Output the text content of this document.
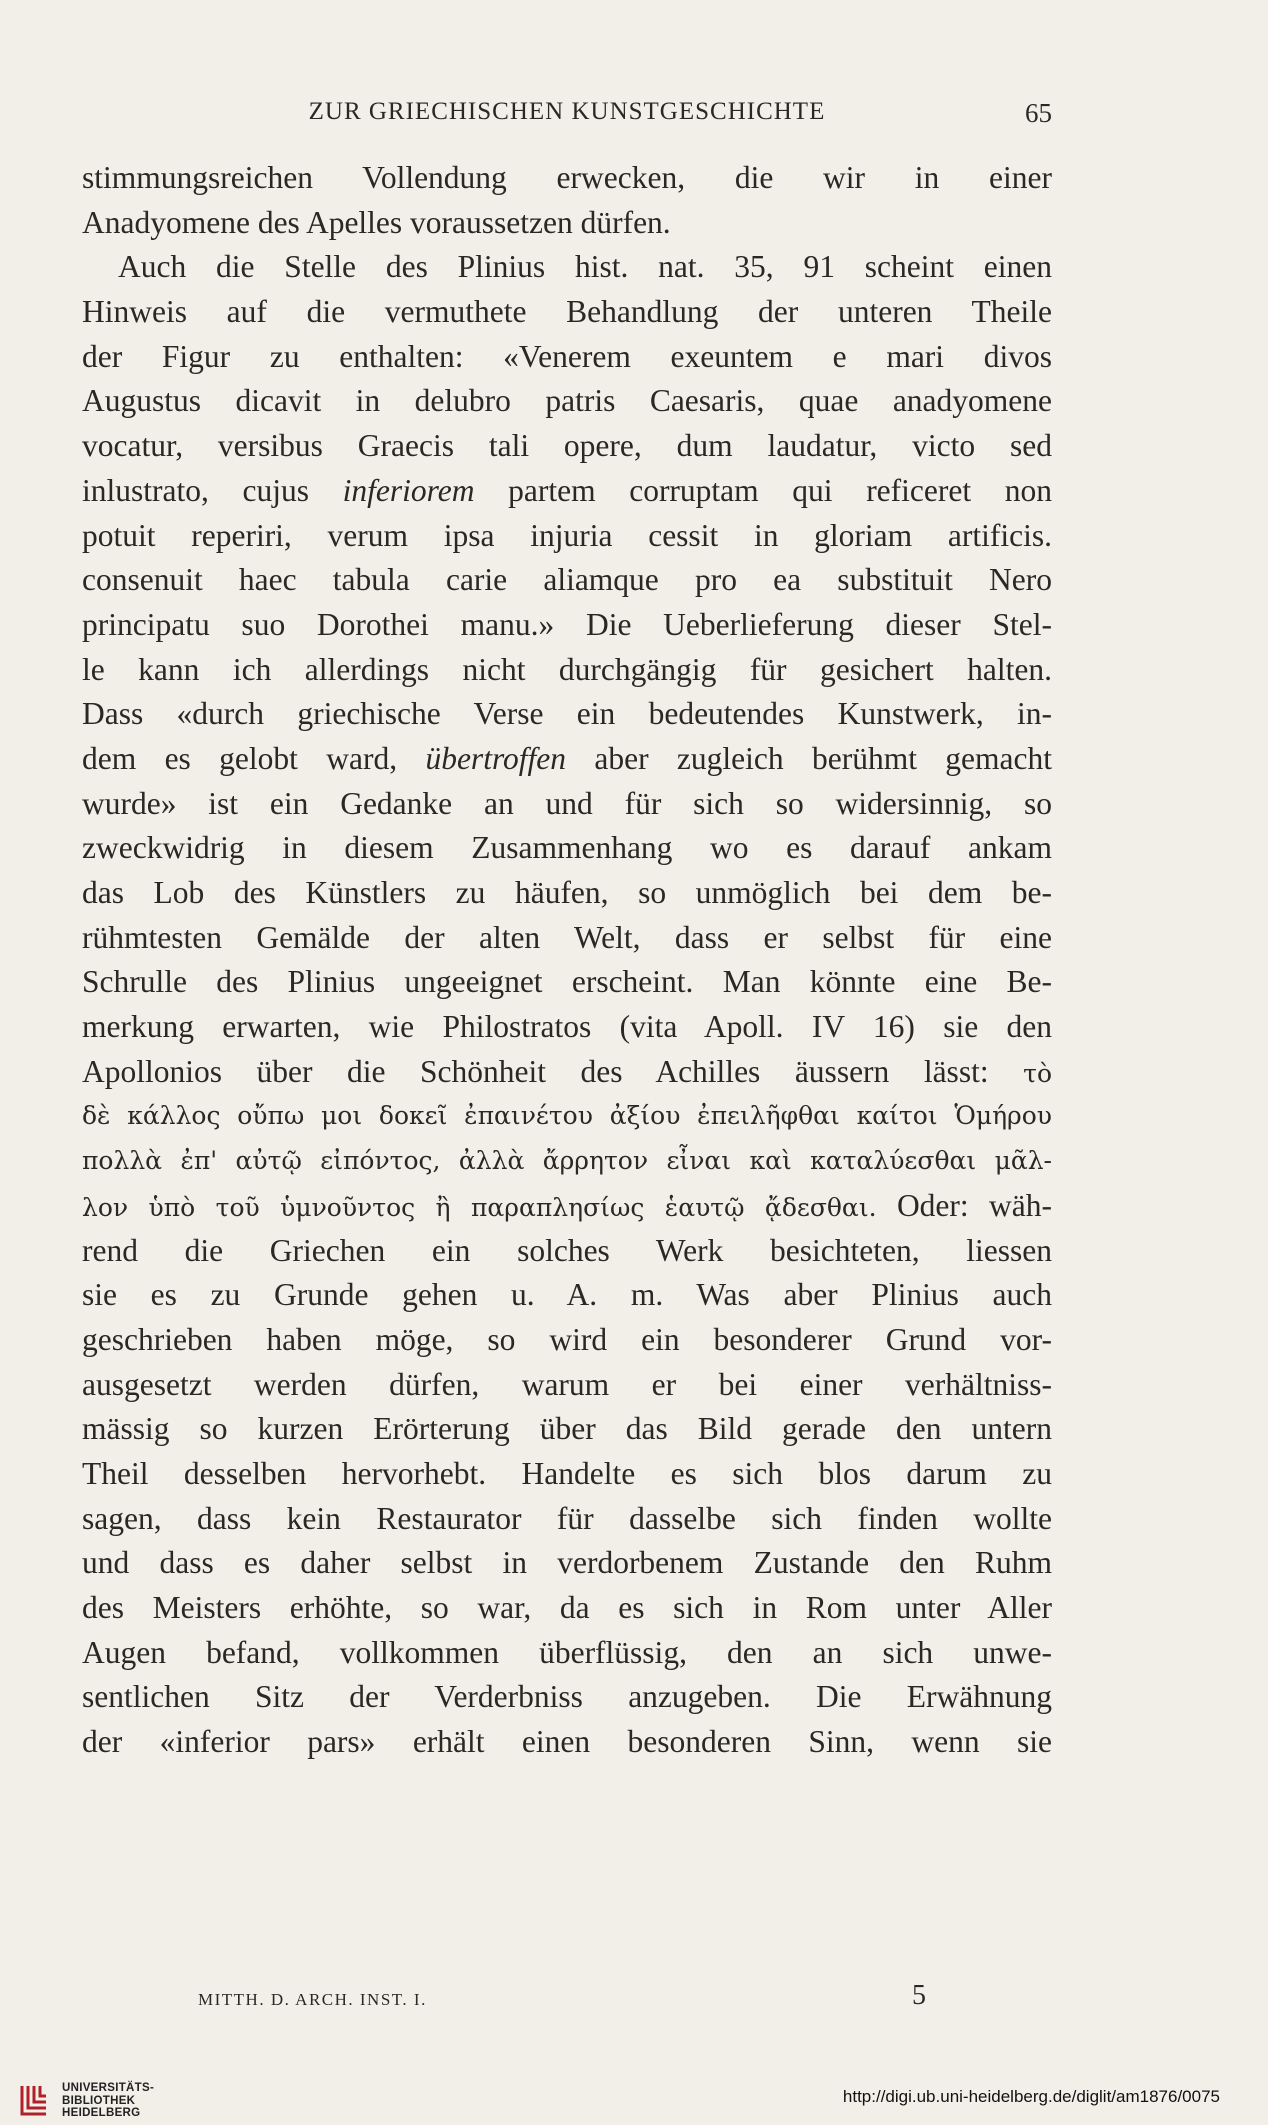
ZUR GRIECHISCHEN KUNSTGESCHICHTE	65
stimmungsreichen Vollendung erwecken, die wir in einer
Anadyomene des Apelles voraussetzen dürfen.
Auch die Stelle des Plinius hist. nat. 35, 91 scheint einen
Hinweis auf die vermuthete Behandlung der unteren Theile
der Figur zu enthalten: «Venerem exeuntem e mari divos
Augustus dicavit in delubro patris Caesaris, quae anadyomene
vocatur, versibus Graecis tali opere, dum laudatur, victo sed
inlustrato, cujus inferiorem partem corruptam qui reficeret non
potuit reperiri, verum ipsa injuria cessit in gloriam artificis.
consenuit haec tabula carie aliamque pro ea substituit Nero
principatu suo Dorothei manu.» Die Ueberlieferung dieser Stel-
le kann ich allerdings nicht durchgängig für gesichert halten.
Dass «durch griechische Verse ein bedeutendes Kunstwerk, in-
dem es gelobt ward, übertroffen aber zugleich berühmt gemacht
wurde» ist ein Gedanke an und für sich so widersinnig, so
zweckwidrig in diesem Zusammenhang wo es darauf ankam
das Lob des Künstlers zu häufen, so unmöglich bei dem be-
rühmtesten Gemälde der alten Welt, dass er selbst für eine
Schrulle des Plinius ungeeignet erscheint. Man könnte eine Be-
merkung erwarten, wie Philostratos (vita Apoll. IV 16) sie den
Apollonios über die Schönheit des Achilles äussern lässt: τὸ
δὲ κάλλος οὔπω μοι δοκεῖ ἐπαινέτου ἀξίου ἐπειλῆφθαι καίτοι Ὁμήρου
πολλὰ ἐπ' αὐτῷ εἰπόντος, ἀλλὰ ἄρρητον εἶναι καὶ καταλύεσθαι μᾶλ-
λον ὑπὸ τοῦ ὑμνοῦντος ἢ παραπλησίως ἑαυτῷ ᾄδεσθαι. Oder: wäh-
rend die Griechen ein solches Werk besichteten, liessen
sie es zu Grunde gehen u. A. m. Was aber Plinius auch
geschrieben haben möge, so wird ein besonderer Grund vor-
ausgesetzt werden dürfen, warum er bei einer verhältniss-
mässig so kurzen Erörterung über das Bild gerade den untern
Theil desselben hervorhebt. Handelte es sich blos darum zu
sagen, dass kein Restaurator für dasselbe sich finden wollte
und dass es daher selbst in verdorbenem Zustande den Ruhm
des Meisters erhöhte, so war, da es sich in Rom unter Aller
Augen befand, vollkommen überflüssig, den an sich unwe-
sentlichen Sitz der Verderbniss anzugeben. Die Erwähnung
der «inferior pars» erhält einen besonderen Sinn, wenn sie
MITTH. D. ARCH. INST. I.	5
UNIVERSITÄTS-
BIBLIOTHEK
HEIDELBERG
http://digi.ub.uni-heidelberg.de/diglit/am1876/0075
